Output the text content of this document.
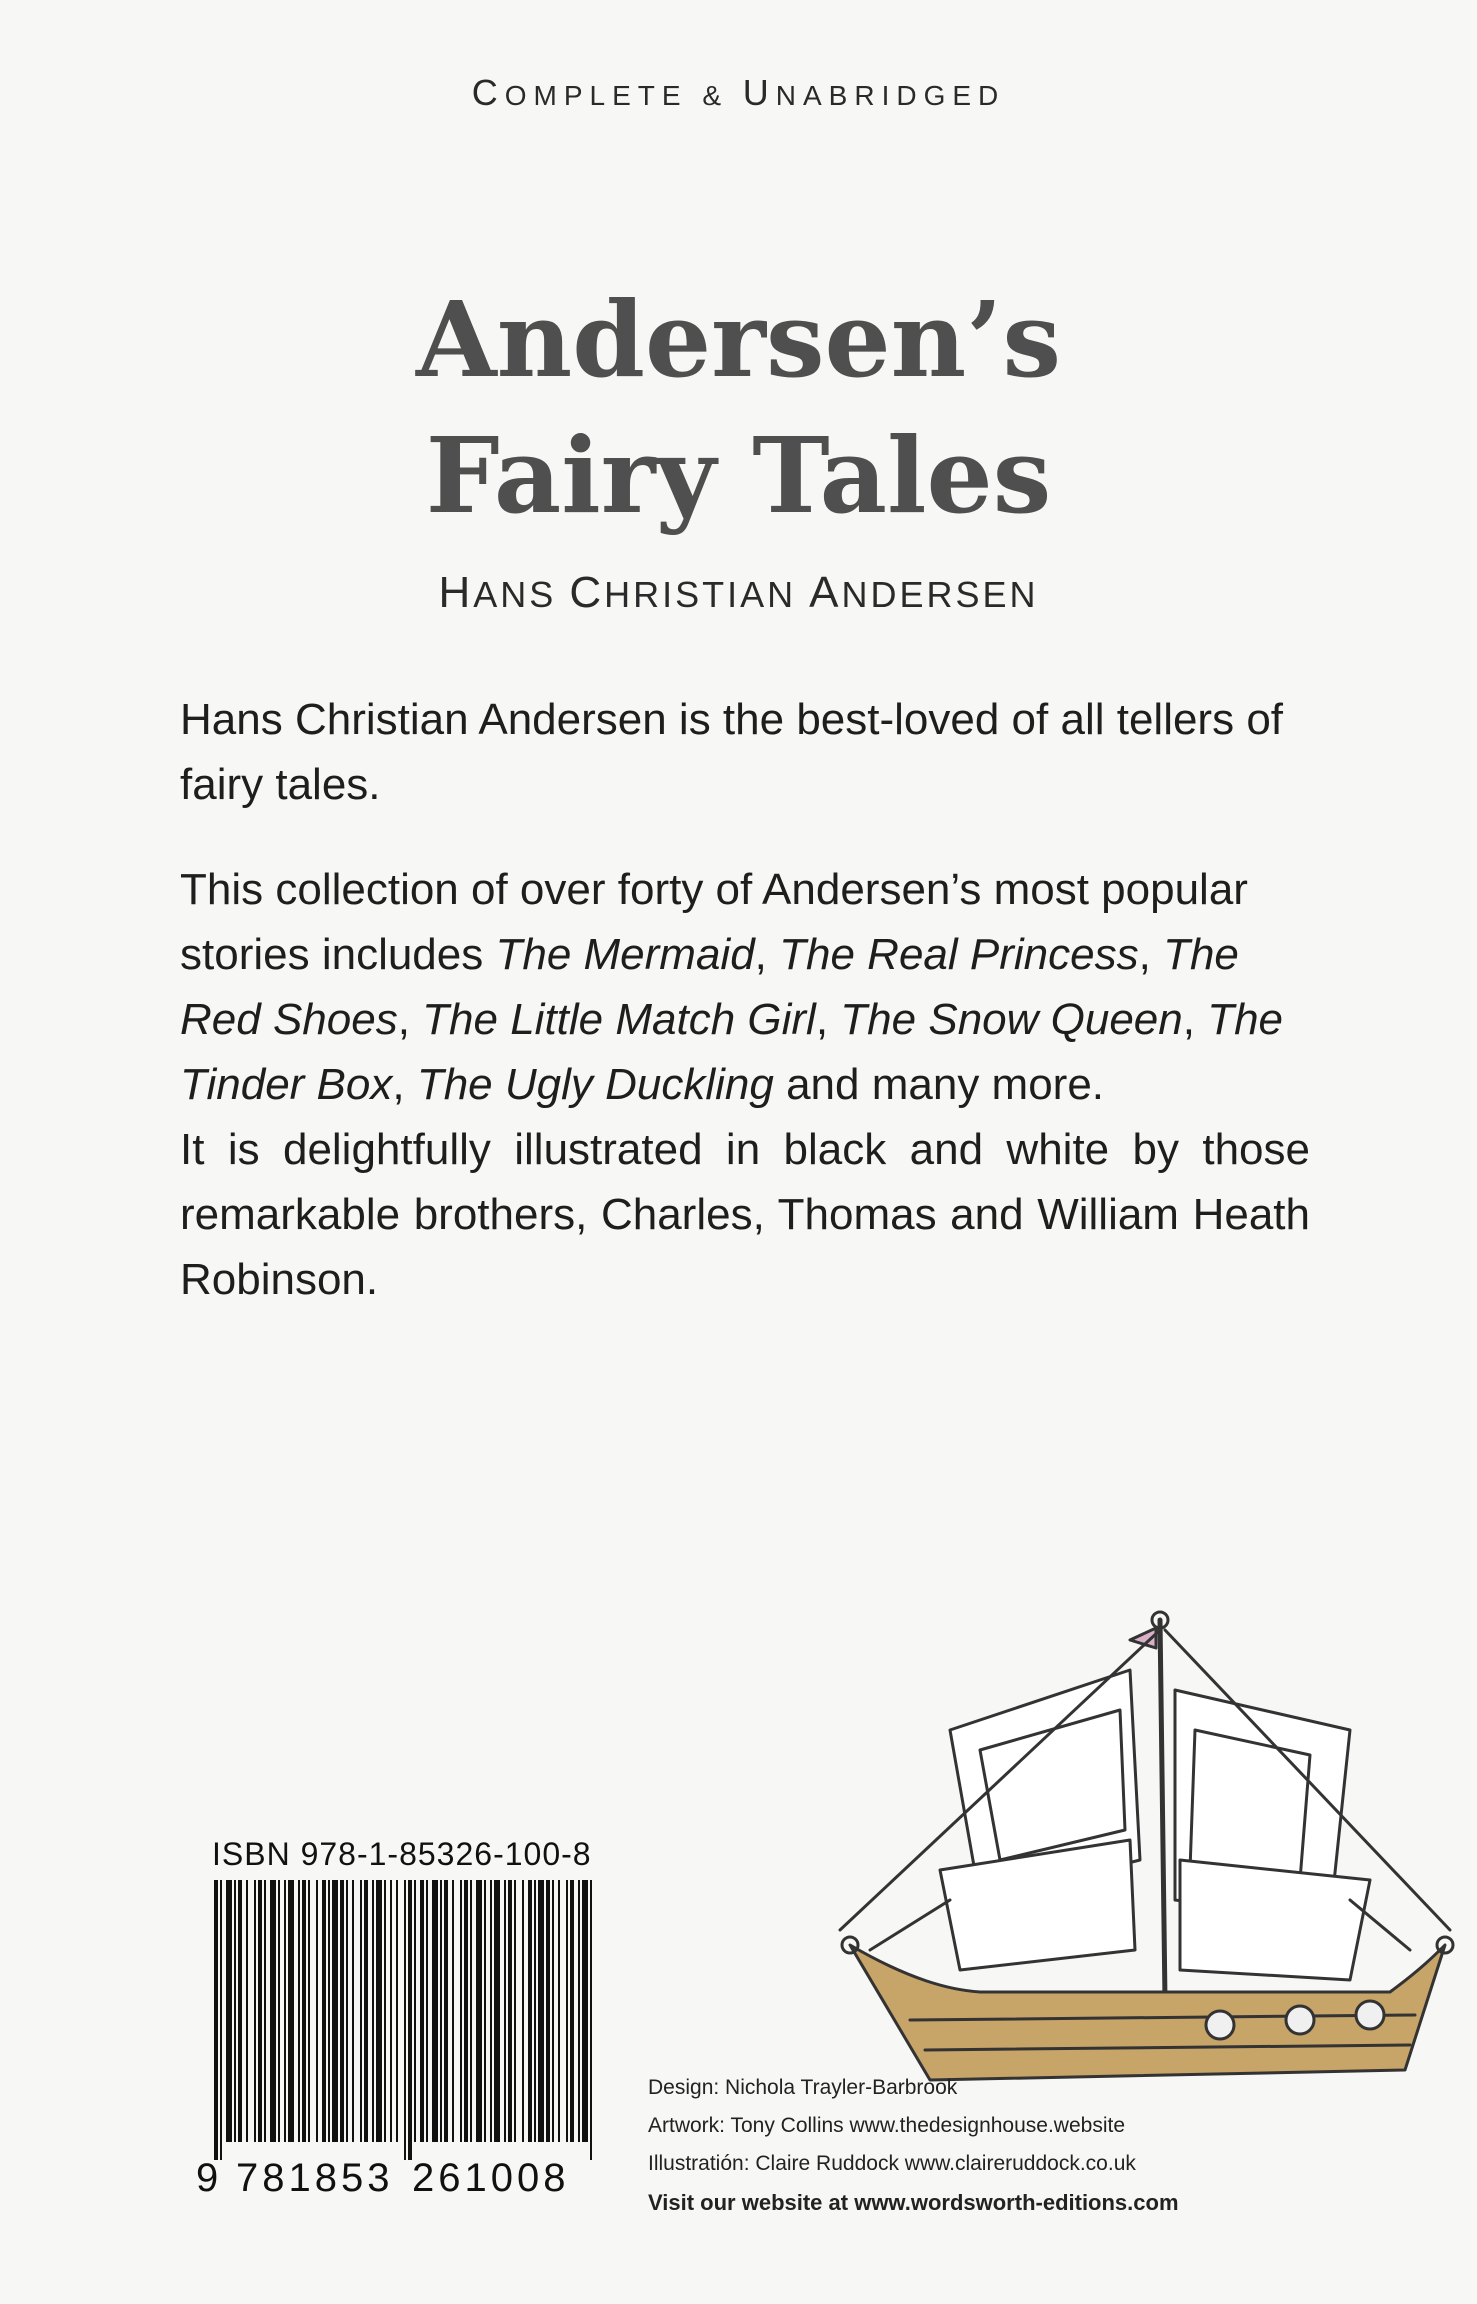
COMPLETE & UNABRIDGED
Andersen’s
Fairy Tales
HANS CHRISTIAN ANDERSEN
Hans Christian Andersen is the best-loved of all tellers of fairy tales.
This collection of over forty of Andersen’s most popular stories includes The Mermaid, The Real Princess, The Red Shoes, The Little Match Girl, The Snow Queen, The Tinder Box, The Ugly Duckling and many more.
It is delightfully illustrated in black and white by those remarkable brothers, Charles, Thomas and William Heath Robinson.
ISBN 978-1-85326-100-8
9 781853 261008
Design: Nichola Trayler-Barbrook
Artwork: Tony Collins www.thedesignhouse.website
Illustratión: Claire Ruddock www.claireruddock.co.uk
Visit our website at www.wordsworth-editions.com
